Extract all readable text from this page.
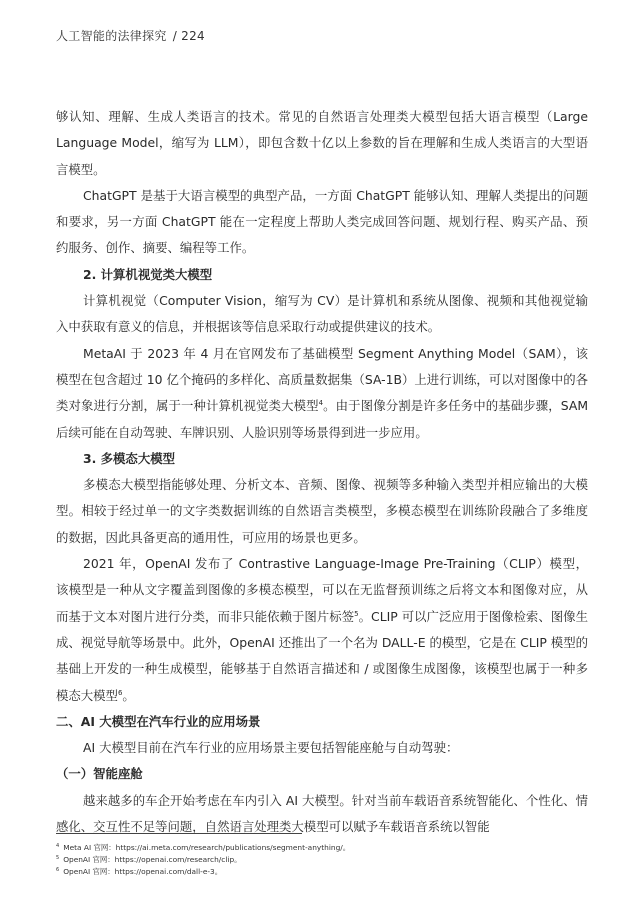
人工智能的法律探究 / 224

够认知、理解、生成人类语言的技术。常见的自然语言处理类大模型包括大语言模型（Large Language Model，缩写为 LLM），即包含数十亿以上参数的旨在理解和生成人类语言的大型语言模型。

ChatGPT 是基于大语言模型的典型产品，一方面 ChatGPT 能够认知、理解人类提出的问题和要求，另一方面 ChatGPT 能在一定程度上帮助人类完成回答问题、规划行程、购买产品、预约服务、创作、摘要、编程等工作。

2. 计算机视觉类大模型

计算机视觉（Computer Vision，缩写为 CV）是计算机和系统从图像、视频和其他视觉输入中获取有意义的信息，并根据该等信息采取行动或提供建议的技术。

MetaAI 于 2023 年 4 月在官网发布了基础模型 Segment Anything Model（SAM），该模型在包含超过 10 亿个掩码的多样化、高质量数据集（SA-1B）上进行训练，可以对图像中的各类对象进行分割，属于一种计算机视觉类大模型$^4$。由于图像分割是许多任务中的基础步骤，SAM 后续可能在自动驾驶、车牌识别、人脸识别等场景得到进一步应用。

3. 多模态大模型

多模态大模型指能够处理、分析文本、音频、图像、视频等多种输入类型并相应输出的大模型。相较于经过单一的文字类数据训练的自然语言类模型，多模态模型在训练阶段融合了多维度的数据，因此具备更高的通用性，可应用的场景也更多。

2021 年，OpenAI 发布了 Contrastive Language-Image Pre-Training（CLIP）模型，该模型是一种从文字覆盖到图像的多模态模型，可以在无监督预训练之后将文本和图像对应，从而基于文本对图片进行分类，而非只能依赖于图片标签$^5$。CLIP 可以广泛应用于图像检索、图像生成、视觉导航等场景中。此外，OpenAI 还推出了一个名为 DALL-E 的模型，它是在 CLIP 模型的基础上开发的一种生成模型，能够基于自然语言描述和 / 或图像生成图像，该模型也属于一种多模态大模型$^6$。

二、AI 大模型在汽车行业的应用场景

AI 大模型目前在汽车行业的应用场景主要包括智能座舱与自动驾驶：

（一）智能座舱

越来越多的车企开始考虑在车内引入 AI 大模型。针对当前车载语音系统智能化、个性化、情感化、交互性不足等问题，自然语言处理类大模型可以赋予车载语音系统以智能

$^4$ Meta AI 官网：https://ai.meta.com/research/publications/segment-anything/。
$^5$ OpenAI 官网：https://openai.com/research/clip。
$^6$ OpenAI 官网：https://openai.com/dall-e-3。
